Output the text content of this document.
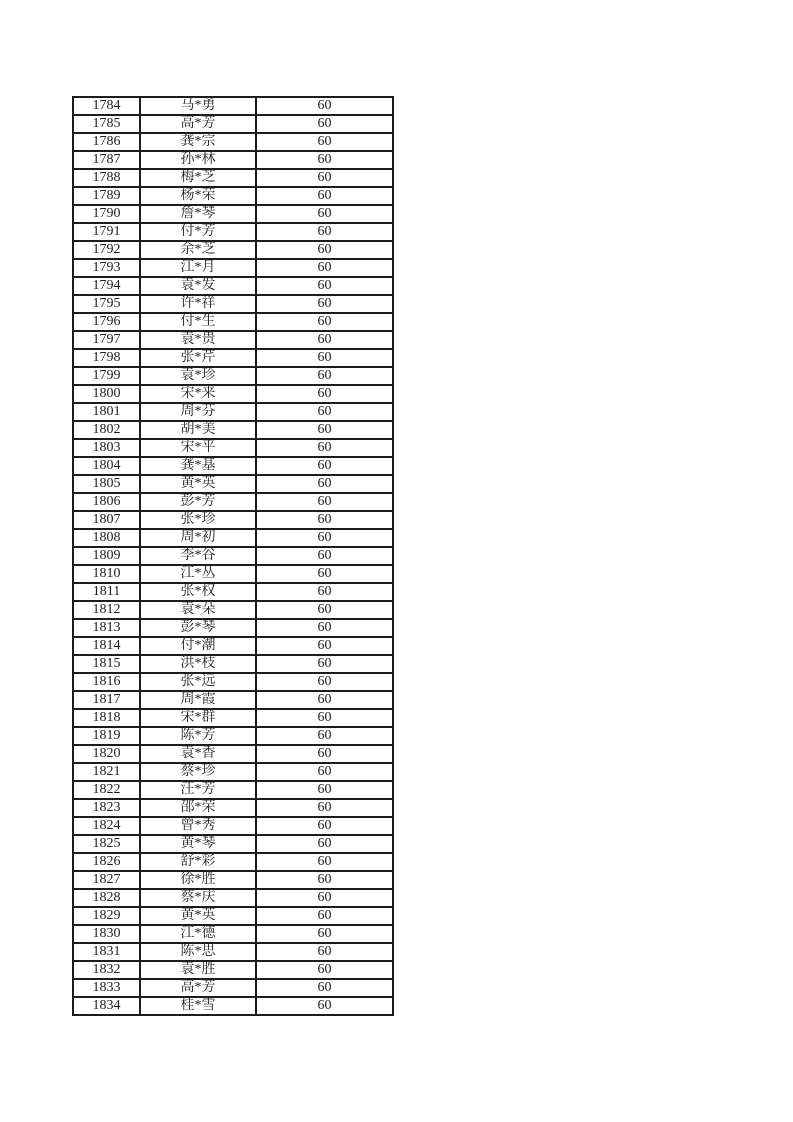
1784	马*勇	60
1785	高*芳	60
1786	龚*宗	60
1787	孙*林	60
1788	梅*芝	60
1789	杨*荣	60
1790	詹*琴	60
1791	付*芳	60
1792	余*芝	60
1793	江*月	60
1794	袁*发	60
1795	许*祥	60
1796	付*生	60
1797	袁*贵	60
1798	张*芹	60
1799	袁*珍	60
1800	宋*来	60
1801	周*芬	60
1802	胡*美	60
1803	宋*平	60
1804	龚*基	60
1805	黄*英	60
1806	彭*芳	60
1807	张*珍	60
1808	周*初	60
1809	李*谷	60
1810	江*丛	60
1811	张*权	60
1812	袁*朵	60
1813	彭*琴	60
1814	付*潮	60
1815	洪*枝	60
1816	张*远	60
1817	周*霞	60
1818	宋*群	60
1819	陈*芳	60
1820	袁*香	60
1821	蔡*珍	60
1822	汪*芳	60
1823	邵*荣	60
1824	曾*秀	60
1825	黄*琴	60
1826	舒*彩	60
1827	徐*胜	60
1828	蔡*庆	60
1829	黄*英	60
1830	江*德	60
1831	陈*思	60
1832	袁*胜	60
1833	高*芳	60
1834	桂*雪	60
